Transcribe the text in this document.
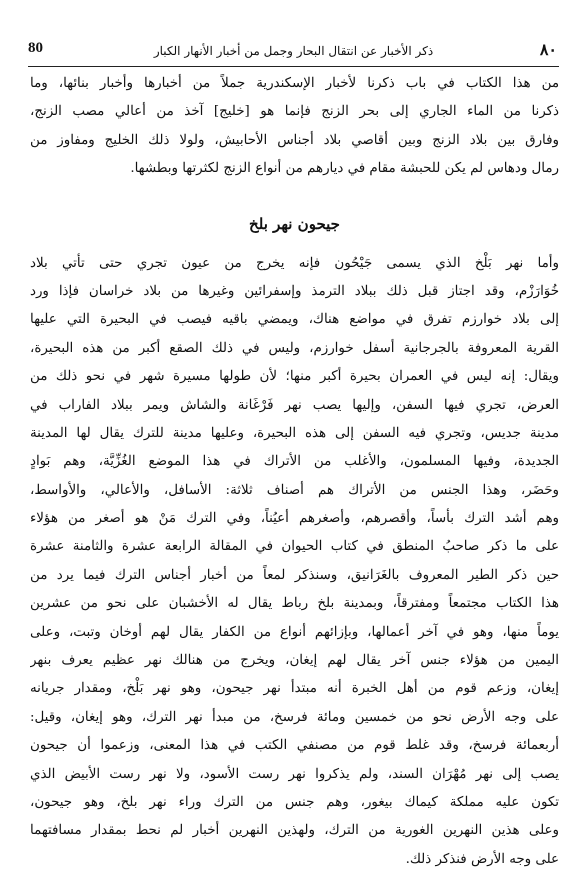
٨٠
ذكر الأخبار عن انتقال البحار وجمل من أخبار الأنهار الكبار
80
من هذا الكتاب في باب ذكرنا لأخبار الإسكندرية جملاً من أخبارها وأخبار بنائها، وما
ذكرنا من الماء الجاري إلى بحر الزنج فإنما هو [خليج] آخذ من أعالي مصب الزنج،
وفارق بين بلاد الزنج وبين أقاصي بلاد أجناس الأحابيش، ولولا ذلك الخليج ومفاوز من
رمال ودهاس لم يكن للحبشة مقام في ديارهم من أنواع الزنج لكثرتها وبطشها.
جيحون نهر بلخ
وأما نهر بَلْخ الذي يسمى جَيْحُون فإنه يخرج من عيون تجري حتى تأتي بلاد
خُوَارَزْم، وقد اجتاز قبل ذلك ببلاد الترمذ وإسفرائين وغيرها من بلاد خراسان فإذا ورد
إلى بلاد خوارزم تفرق في مواضع هناك، ويمضي باقيه فيصب في البحيرة التي عليها
القرية المعروفة بالجرجانية أسفل خوارزم، وليس في ذلك الصقع أكبر من هذه البحيرة،
ويقال: إنه ليس في العمران بحيرة أكبر منها؛ لأن طولها مسيرة شهر في نحو ذلك من
العرض، تجري فيها السفن، وإليها يصب نهر فَرْغَانة والشاش ويمر ببلاد الفاراب في
مدينة جديس، وتجري فيه السفن إلى هذه البحيرة، وعليها مدينة للترك يقال لها المدينة
الجديدة، وفيها المسلمون، والأغلب من الأتراك في هذا الموضع الغُزِّيَّة، وهم بَوادٍ
وحَضَر، وهذا الجنس من الأتراك هم أصناف ثلاثة: الأسافل، والأعالي، والأواسط،
وهم أشد الترك بأساً، وأقصرهم، وأصغرهم أعيُناً، وفي الترك مَنْ هو أصغر من هؤلاء
على ما ذكر صاحبُ المنطق في كتاب الحيوان في المقالة الرابعة عشرة والثامنة عشرة
حين ذكر الطير المعروف بالغَرَانيق، وسنذكر لمعاً من أخبار أجناس الترك فيما يرد من
هذا الكتاب مجتمعاً ومفترقاً، وبمدينة بلخ رباط يقال له الأخشبان على نحو من عشرين
يوماً منها، وهو في آخر أعمالها، وبإزائهم أنواع من الكفار يقال لهم أوخان وتبت، وعلى
اليمين من هؤلاء جنس آخر يقال لهم إيغان، ويخرج من هنالك نهر عظيم يعرف بنهر
إيغان، وزعم قوم من أهل الخبرة أنه مبتدأ نهر جيحون، وهو نهر بَلْخ، ومقدار جريانه
على وجه الأرض نحو من خمسين ومائة فرسخ، من مبدأ نهر الترك، وهو إيغان، وقيل:
أربعمائة فرسخ، وقد غلط قوم من مصنفي الكتب في هذا المعنى، وزعموا أن جيحون
يصب إلى نهر مُهْرَان السند، ولم يذكروا نهر رست الأسود، ولا نهر رست الأبيض الذي
تكون عليه مملكة كيماك بيغور، وهم جنس من الترك وراء نهر بلخ، وهو جيحون،
وعلى هذين النهرين الغورية من الترك، ولهذين النهرين أخبار لم نحط بمقدار مسافتهما
على وجه الأرض فنذكر ذلك.
